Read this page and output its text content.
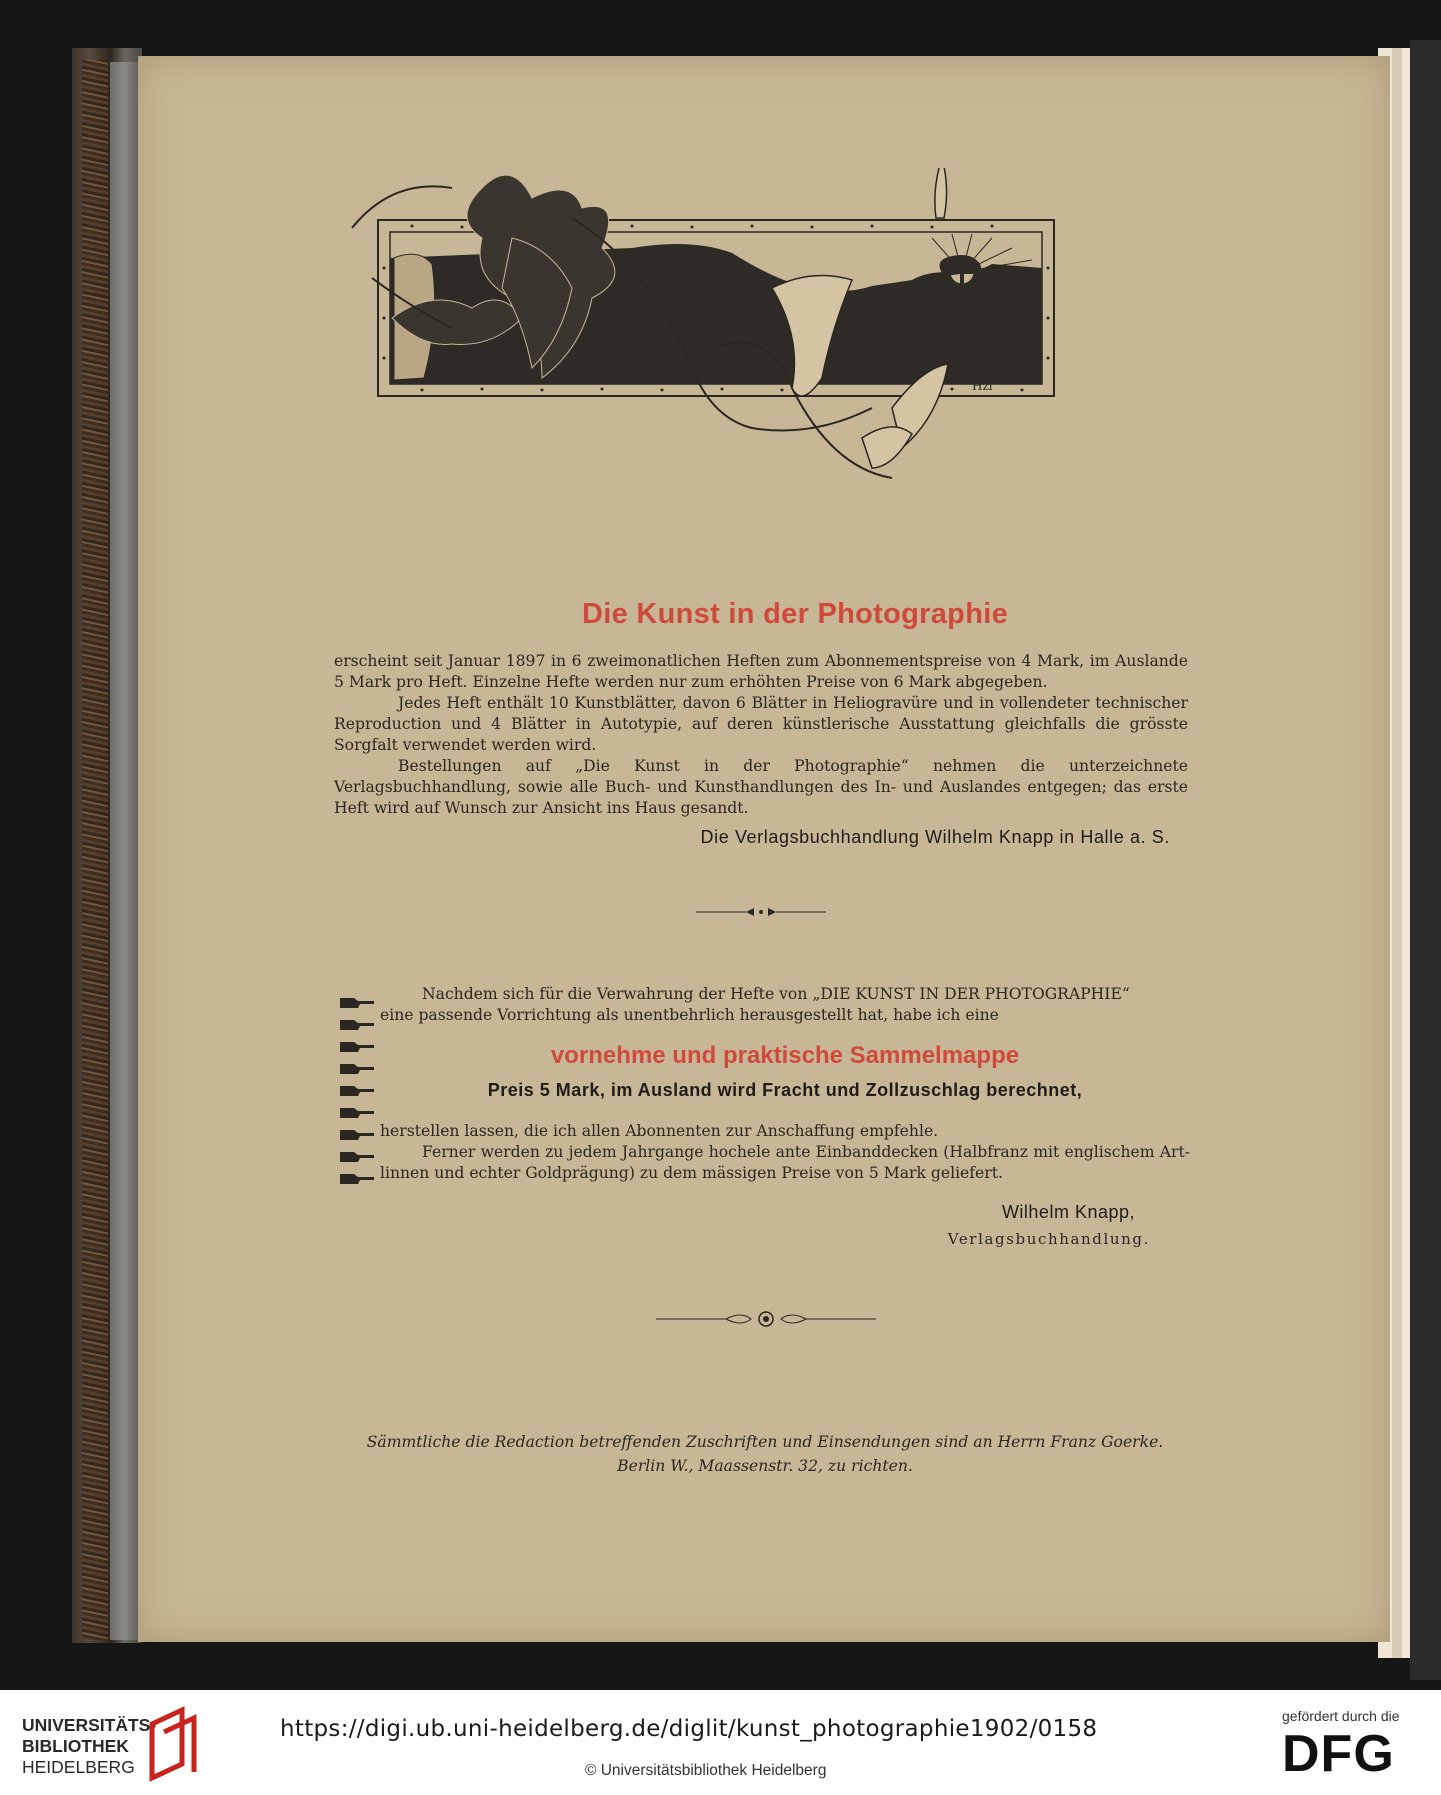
Hzl
Die Kunst in der Photographie
erscheint seit Januar 1897 in 6 zweimonatlichen Heften zum Abonnementspreise von 4 Mark, im Auslande 5 Mark pro Heft. Einzelne Hefte werden nur zum erhöhten Preise von 6 Mark abgegeben.
Jedes Heft enthält 10 Kunstblätter, davon 6 Blätter in Heliogravüre und in vollendeter technischer Reproduction und 4 Blätter in Autotypie, auf deren künstlerische Ausstattung gleichfalls die grösste Sorgfalt verwendet werden wird.
Bestellungen auf „Die Kunst in der Photographie“ nehmen die unterzeichnete Verlagsbuchhandlung, sowie alle Buch- und Kunsthandlungen des In- und Auslandes entgegen; das erste Heft wird auf Wunsch zur Ansicht ins Haus gesandt.
Die Verlagsbuchhandlung Wilhelm Knapp in Halle a. S.
Nachdem sich für die Verwahrung der Hefte von „DIE KUNST IN DER PHOTOGRAPHIE“
eine passende Vorrichtung als unentbehrlich herausgestellt hat, habe ich eine
vornehme und praktische Sammelmappe
Preis 5 Mark, im Ausland wird Fracht und Zollzuschlag berechnet,
herstellen lassen, die ich allen Abonnenten zur Anschaffung empfehle.
Ferner werden zu jedem Jahrgange hochele ante Einbanddecken (Halbfranz mit englischem Art-linnen und echter Goldprägung) zu dem mässigen Preise von 5 Mark geliefert.
Wilhelm Knapp,
Verlagsbuchhandlung.
Sämmtliche die Redaction betreffenden Zuschriften und Einsendungen sind an Herrn Franz Goerke.
Berlin W., Maassenstr. 32, zu richten.
UNIVERSITÄTS-
BIBLIOTHEK
HEIDELBERG
https://digi.ub.uni-heidelberg.de/diglit/kunst_photographie1902/0158
© Universitätsbibliothek Heidelberg
gefördert durch die
DFG
